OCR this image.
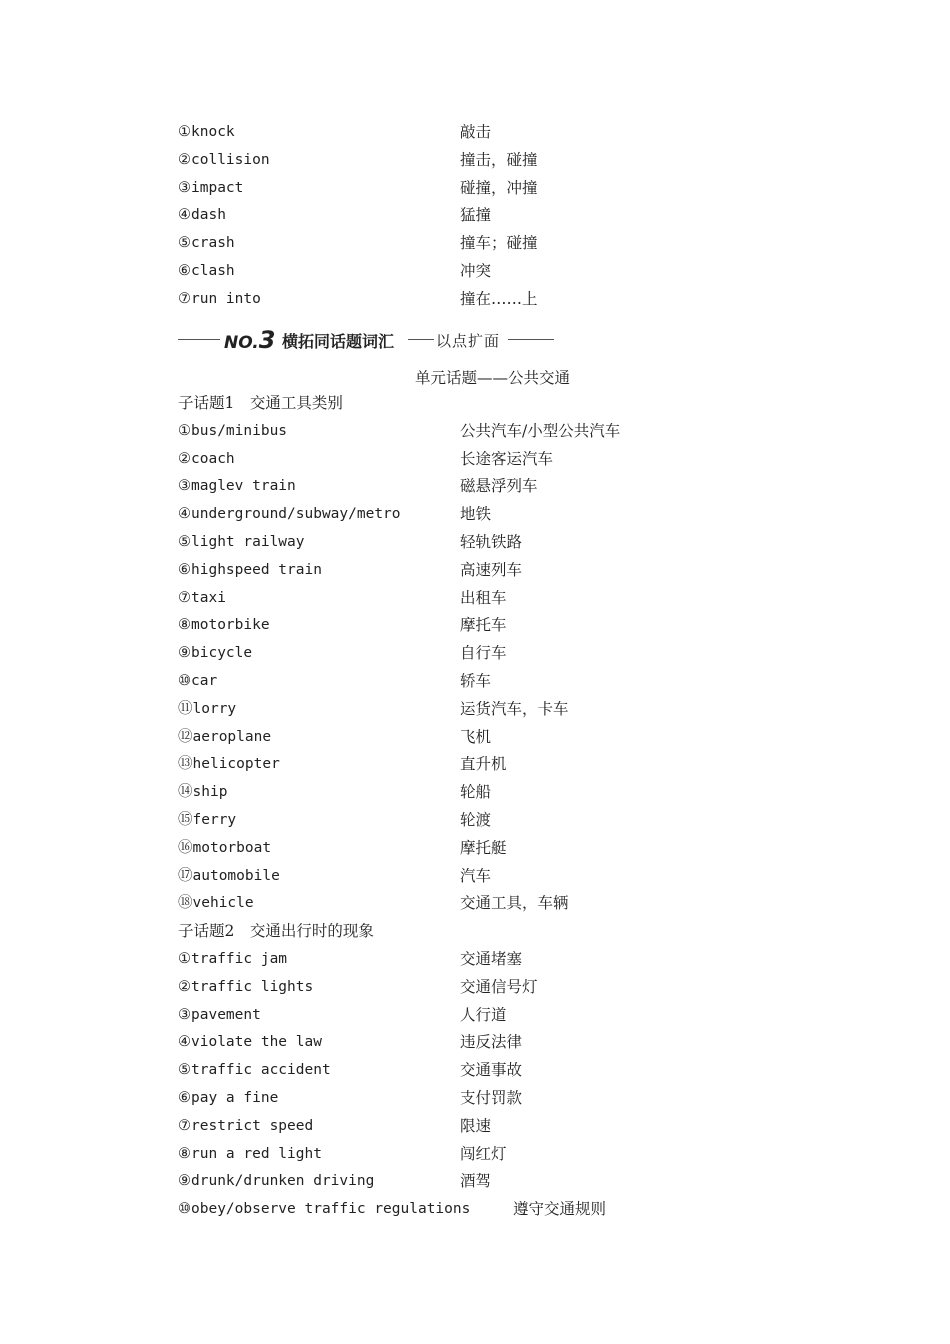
①knock	敲击
②collision	撞击，碰撞
③impact	碰撞，冲撞
④dash	猛撞
⑤crash	撞车；碰撞
⑥clash	冲突
⑦run into	撞在……上
NO.3 横拓同话题词汇	以点扩面
单元话题——公共交通
子话题1　交通工具类别
①bus/minibus	公共汽车/小型公共汽车
②coach	长途客运汽车
③maglev train	磁悬浮列车
④underground/subway/metro	地铁
⑤light railway	轻轨铁路
⑥highspeed train	高速列车
⑦taxi	出租车
⑧motorbike	摩托车
⑨bicycle	自行车
⑩car	轿车
⑪lorry	运货汽车，卡车
⑫aeroplane	飞机
⑬helicopter	直升机
⑭ship	轮船
⑮ferry	轮渡
⑯motorboat	摩托艇
⑰automobile	汽车
⑱vehicle	交通工具，车辆
子话题2　交通出行时的现象
①traffic jam	交通堵塞
②traffic lights	交通信号灯
③pavement	人行道
④violate the law	违反法律
⑤traffic accident	交通事故
⑥pay a fine	支付罚款
⑦restrict speed	限速
⑧run a red light	闯红灯
⑨drunk/drunken driving	酒驾
⑩obey/observe traffic regulations	遵守交通规则
